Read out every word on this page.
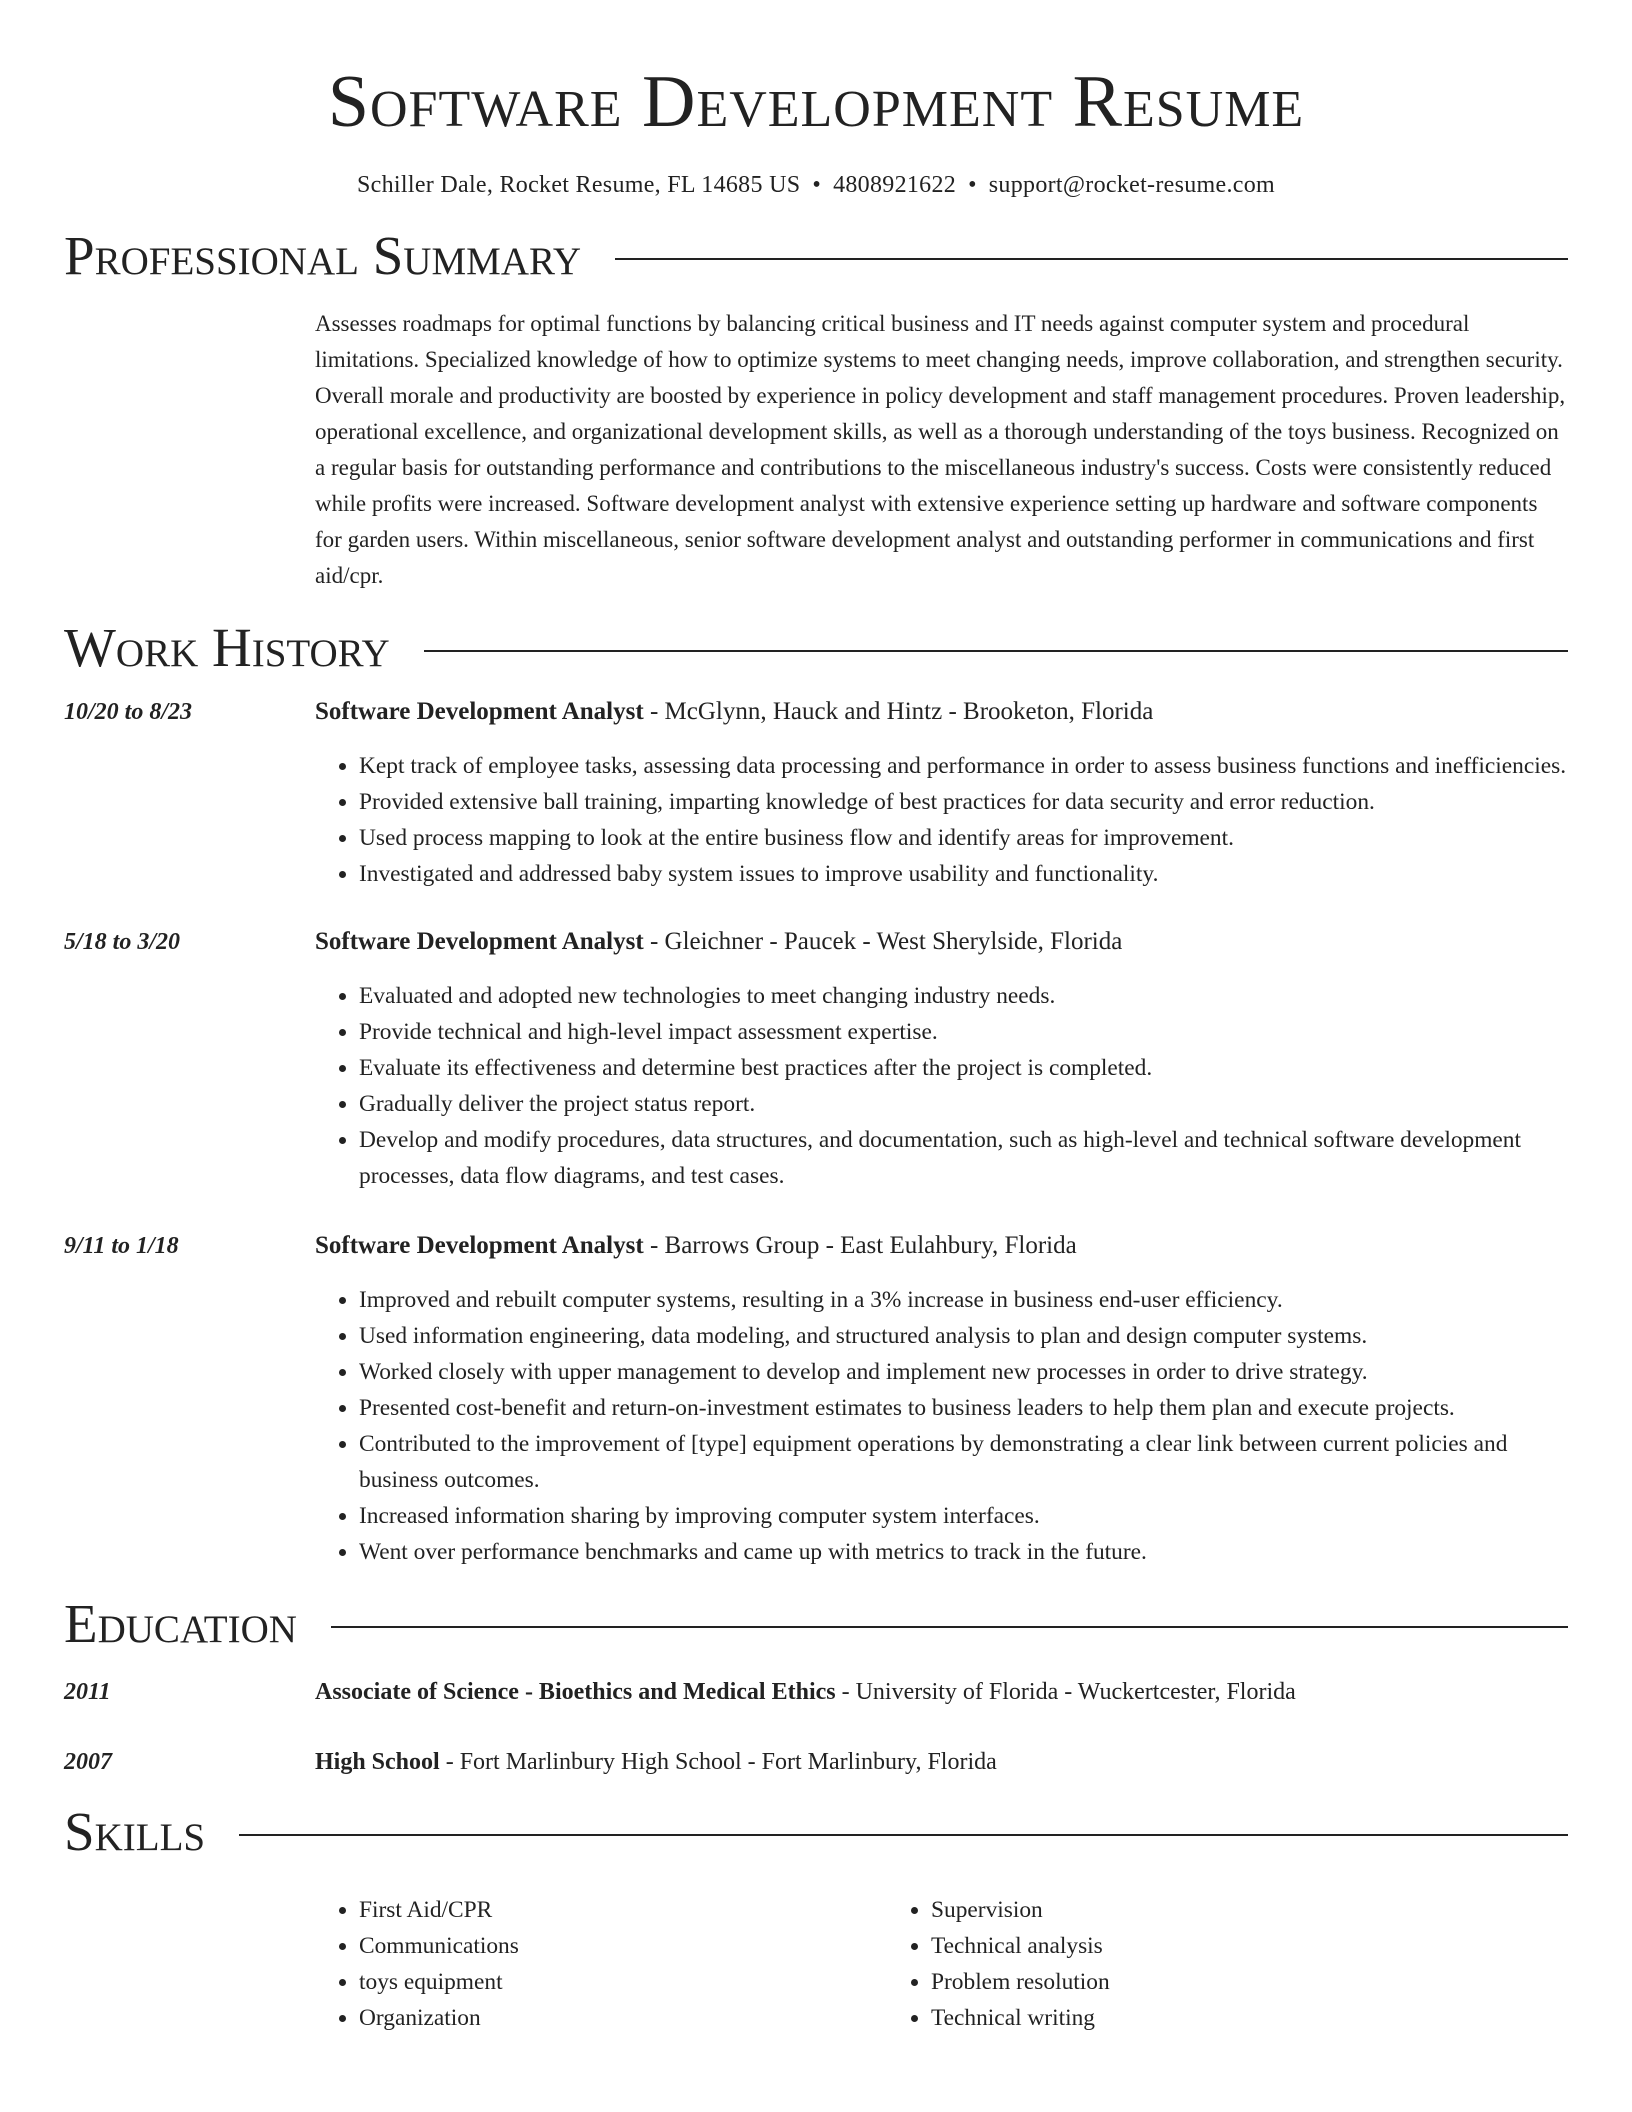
Software Development Resume
Schiller Dale, Rocket Resume, FL 14685 US • 4808921622 • support@rocket-resume.com
Professional Summary

Assesses roadmaps for optimal functions by balancing critical business and IT needs against computer system and procedural limitations. Specialized knowledge of how to optimize systems to meet changing needs, improve collaboration, and strengthen security. Overall morale and productivity are boosted by experience in policy development and staff management procedures. Proven leadership, operational excellence, and organizational development skills, as well as a thorough understanding of the toys business. Recognized on a regular basis for outstanding performance and contributions to the miscellaneous industry's success. Costs were consistently reduced while profits were increased. Software development analyst with extensive experience setting up hardware and software components for garden users. Within miscellaneous, senior software development analyst and outstanding performer in communications and first aid/cpr.

Work History
10/20 to 8/23	Software Development Analyst - McGlynn, Hauck and Hintz - Brooketon, Florida
• Kept track of employee tasks, assessing data processing and performance in order to assess business functions and inefficiencies.
• Provided extensive ball training, imparting knowledge of best practices for data security and error reduction.
• Used process mapping to look at the entire business flow and identify areas for improvement.
• Investigated and addressed baby system issues to improve usability and functionality.
5/18 to 3/20	Software Development Analyst - Gleichner - Paucek - West Sherylside, Florida
• Evaluated and adopted new technologies to meet changing industry needs.
• Provide technical and high-level impact assessment expertise.
• Evaluate its effectiveness and determine best practices after the project is completed.
• Gradually deliver the project status report.
• Develop and modify procedures, data structures, and documentation, such as high-level and technical software development processes, data flow diagrams, and test cases.
9/11 to 1/18	Software Development Analyst - Barrows Group - East Eulahbury, Florida
• Improved and rebuilt computer systems, resulting in a 3% increase in business end-user efficiency.
• Used information engineering, data modeling, and structured analysis to plan and design computer systems.
• Worked closely with upper management to develop and implement new processes in order to drive strategy.
• Presented cost-benefit and return-on-investment estimates to business leaders to help them plan and execute projects.
• Contributed to the improvement of [type] equipment operations by demonstrating a clear link between current policies and business outcomes.
• Increased information sharing by improving computer system interfaces.
• Went over performance benchmarks and came up with metrics to track in the future.
Education
2011	Associate of Science - Bioethics and Medical Ethics - University of Florida - Wuckertcester, Florida
2007	High School - Fort Marlinbury High School - Fort Marlinbury, Florida
Skills
• First Aid/CPR
• Communications
• toys equipment
• Organization
• Supervision
• Technical analysis
• Problem resolution
• Technical writing
